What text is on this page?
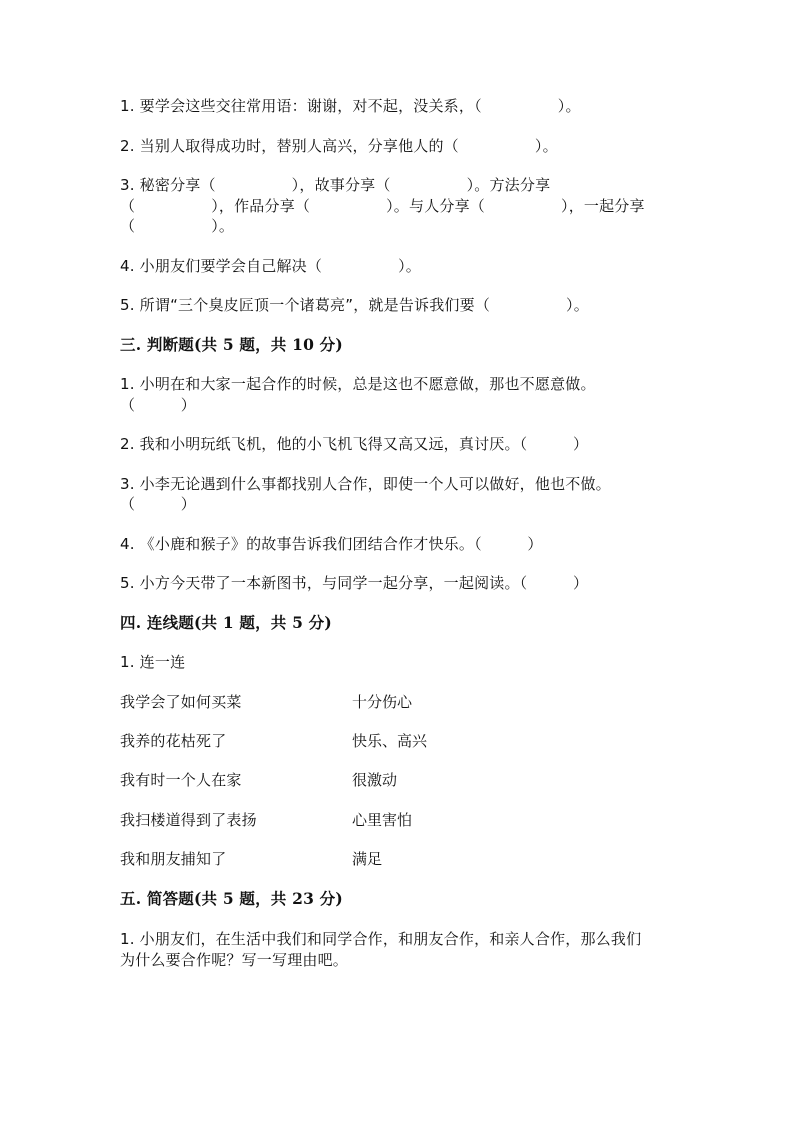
1. 要学会这些交往常用语：谢谢，对不起，没关系，（　　　　　）。
2. 当别人取得成功时，替别人高兴，分享他人的（　　　　　）。
3. 秘密分享（　　　　　），故事分享（　　　　　）。方法分享
（　　　　　），作品分享（　　　　　）。与人分享（　　　　　），一起分享
（　　　　　）。
4. 小朋友们要学会自己解决（　　　　　）。
5. 所谓“三个臭皮匠顶一个诸葛亮”，就是告诉我们要（　　　　　）。
三. 判断题(共 5 题，共 10 分)
1. 小明在和大家一起合作的时候，总是这也不愿意做，那也不愿意做。
（　　　）
2. 我和小明玩纸飞机，他的小飞机飞得又高又远，真讨厌。（　　　）
3. 小李无论遇到什么事都找别人合作，即使一个人可以做好，他也不做。
（　　　）
4. 《小鹿和猴子》的故事告诉我们团结合作才快乐。（　　　）
5. 小方今天带了一本新图书，与同学一起分享，一起阅读。（　　　）
四. 连线题(共 1 题，共 5 分)
1. 连一连
我学会了如何买菜	十分伤心
我养的花枯死了	快乐、高兴
我有时一个人在家	很激动
我扫楼道得到了表扬	心里害怕
我和朋友捕知了	满足
五. 简答题(共 5 题，共 23 分)
1. 小朋友们，在生活中我们和同学合作，和朋友合作，和亲人合作，那么我们
为什么要合作呢？写一写理由吧。
